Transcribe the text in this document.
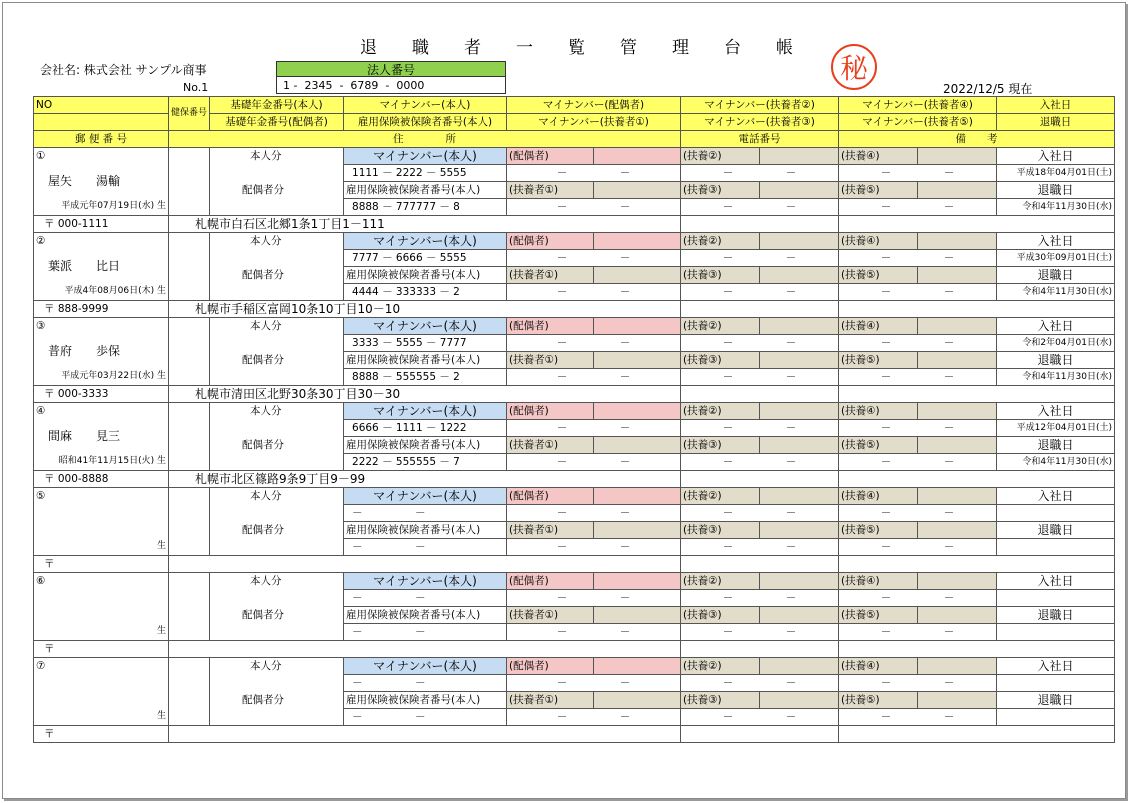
退 職 者 一 覧 管 理 台 帳
会社名: 株式会社 サンプル商事
No.1
法人番号
1 -  2345  -  6789  -  0000
秘
2022/12/5 現在
NO	健保番号	基礎年金番号(本人)	マイナンバー(本人)	マイナンバー(配偶者)		マイナンバー(扶養者②)		マイナンバー(扶養者④)		入社日
		基礎年金番号(配偶者)	雇用保険被保険者番号(本人)	マイナンバー(扶養者①)		マイナンバー(扶養者③)		マイナンバー(扶養者⑤)		退職日
郵 便 番 号	住　　　　所					電話番号		備　　考		
①		本人分	マイナンバー(本人)	(配偶者)		(扶養②)		(扶養④)		入社日
屋矢　　湯輸			1111 － 2222 － 5555	－　　　　　－		－　　　　　－		－　　　　　－		平成18年04月01日(土)
		配偶者分	雇用保険被保険者番号(本人)	(扶養者①)		(扶養③)		(扶養⑤)		退職日
平成元年07月19日(水) 生			8888 － 777777 － 8	－　　　　　－		－　　　　　－		－　　　　　－		令和4年11月30日(水)
〒 000-1111	札幌市白石区北郷1条1丁目1－111									
②		本人分	マイナンバー(本人)	(配偶者)		(扶養②)		(扶養④)		入社日
葉派　　比日			7777 － 6666 － 5555	－　　　　　－		－　　　　　－		－　　　　　－		平成30年09月01日(土)
		配偶者分	雇用保険被保険者番号(本人)	(扶養者①)		(扶養③)		(扶養⑤)		退職日
平成4年08月06日(木) 生			4444 － 333333 － 2	－　　　　　－		－　　　　　－		－　　　　　－		令和4年11月30日(水)
〒 888-9999	札幌市手稲区富岡10条10丁目10－10									
③		本人分	マイナンバー(本人)	(配偶者)		(扶養②)		(扶養④)		入社日
普府　　歩保			3333 － 5555 － 7777	－　　　　　－		－　　　　　－		－　　　　　－		令和2年04月01日(水)
		配偶者分	雇用保険被保険者番号(本人)	(扶養者①)		(扶養③)		(扶養⑤)		退職日
平成元年03月22日(水) 生			8888 － 555555 － 2	－　　　　　－		－　　　　　－		－　　　　　－		令和4年11月30日(水)
〒 000-3333	札幌市清田区北野30条30丁目30－30									
④		本人分	マイナンバー(本人)	(配偶者)		(扶養②)		(扶養④)		入社日
間麻　　見三			6666 － 1111 － 1222	－　　　　　－		－　　　　　－		－　　　　　－		平成12年04月01日(土)
		配偶者分	雇用保険被保険者番号(本人)	(扶養者①)		(扶養③)		(扶養⑤)		退職日
昭和41年11月15日(火) 生			2222 － 555555 － 7	－　　　　　－		－　　　　　－		－　　　　　－		令和4年11月30日(水)
〒 000-8888	札幌市北区篠路9条9丁目9－99									
⑤		本人分	マイナンバー(本人)	(配偶者)		(扶養②)		(扶養④)		入社日
			－　　　　　－	－　　　　　－		－　　　　　－		－　　　　　－		
		配偶者分	雇用保険被保険者番号(本人)	(扶養者①)		(扶養③)		(扶養⑤)		退職日
生			－　　　　　－	－　　　　　－		－　　　　　－		－　　　　　－		
〒										
⑥		本人分	マイナンバー(本人)	(配偶者)		(扶養②)		(扶養④)		入社日
			－　　　　　－	－　　　　　－		－　　　　　－		－　　　　　－		
		配偶者分	雇用保険被保険者番号(本人)	(扶養者①)		(扶養③)		(扶養⑤)		退職日
生			－　　　　　－	－　　　　　－		－　　　　　－		－　　　　　－		
〒										
⑦		本人分	マイナンバー(本人)	(配偶者)		(扶養②)		(扶養④)		入社日
			－　　　　　－	－　　　　　－		－　　　　　－		－　　　　　－		
		配偶者分	雇用保険被保険者番号(本人)	(扶養者①)		(扶養③)		(扶養⑤)		退職日
生			－　　　　　－	－　　　　　－		－　　　　　－		－　　　　　－		
〒										
